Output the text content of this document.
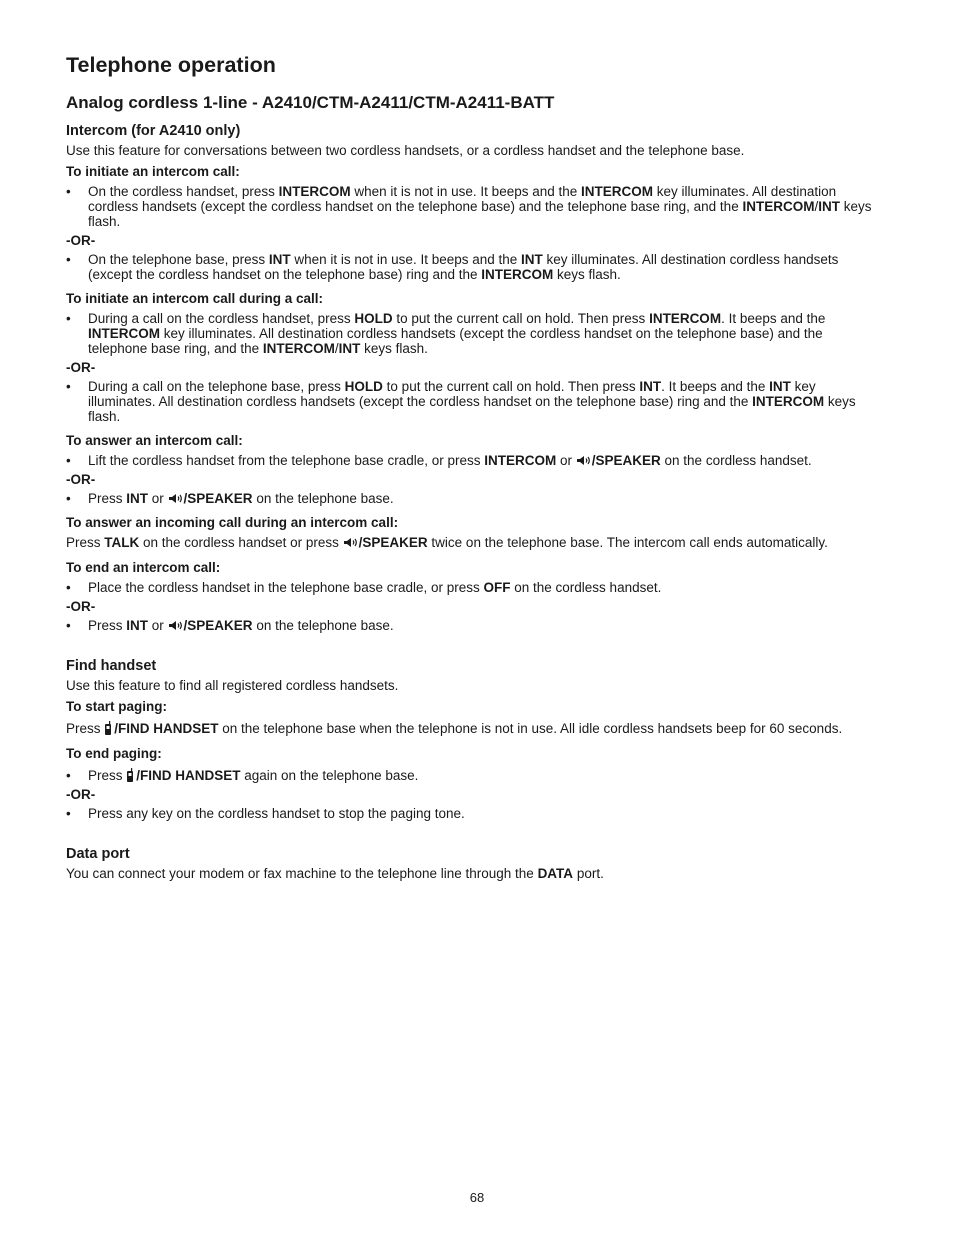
Telephone operation
Analog cordless 1-line - A2410/CTM-A2411/CTM-A2411-BATT
Intercom (for A2410 only)

Use this feature for conversations between two cordless handsets, or a cordless handset and the telephone base.

To initiate an intercom call:
• On the cordless handset, press INTERCOM when it is not in use. It beeps and the INTERCOM key illuminates. All destination cordless handsets (except the cordless handset on the telephone base) and the telephone base ring, and the INTERCOM/INT keys flash.
-OR-
• On the telephone base, press INT when it is not in use. It beeps and the INT key illuminates. All destination cordless handsets (except the cordless handset on the telephone base) ring and the INTERCOM keys flash.
To initiate an intercom call during a call:
• During a call on the cordless handset, press HOLD to put the current call on hold. Then press INTERCOM. It beeps and the INTERCOM key illuminates. All destination cordless handsets (except the cordless handset on the telephone base) and the telephone base ring, and the INTERCOM/INT keys flash.
-OR-
• During a call on the telephone base, press HOLD to put the current call on hold. Then press INT. It beeps and the INT key illuminates. All destination cordless handsets (except the cordless handset on the telephone base) ring and the INTERCOM keys flash.
To answer an intercom call:
• Lift the cordless handset from the telephone base cradle, or press INTERCOM or /SPEAKER on the cordless handset.
-OR-
• Press INT or /SPEAKER on the telephone base.
To answer an incoming call during an intercom call:

Press TALK on the cordless handset or press /SPEAKER twice on the telephone base. The intercom call ends automatically.

To end an intercom call:
• Place the cordless handset in the telephone base cradle, or press OFF on the cordless handset.
-OR-
• Press INT or /SPEAKER on the telephone base.
Find handset

Use this feature to find all registered cordless handsets.

To start paging:

Press /FIND HANDSET on the telephone base when the telephone is not in use. All idle cordless handsets beep for 60 seconds.

To end paging:
• Press /FIND HANDSET again on the telephone base.
-OR-
• Press any key on the cordless handset to stop the paging tone.
Data port

You can connect your modem or fax machine to the telephone line through the DATA port.

68
